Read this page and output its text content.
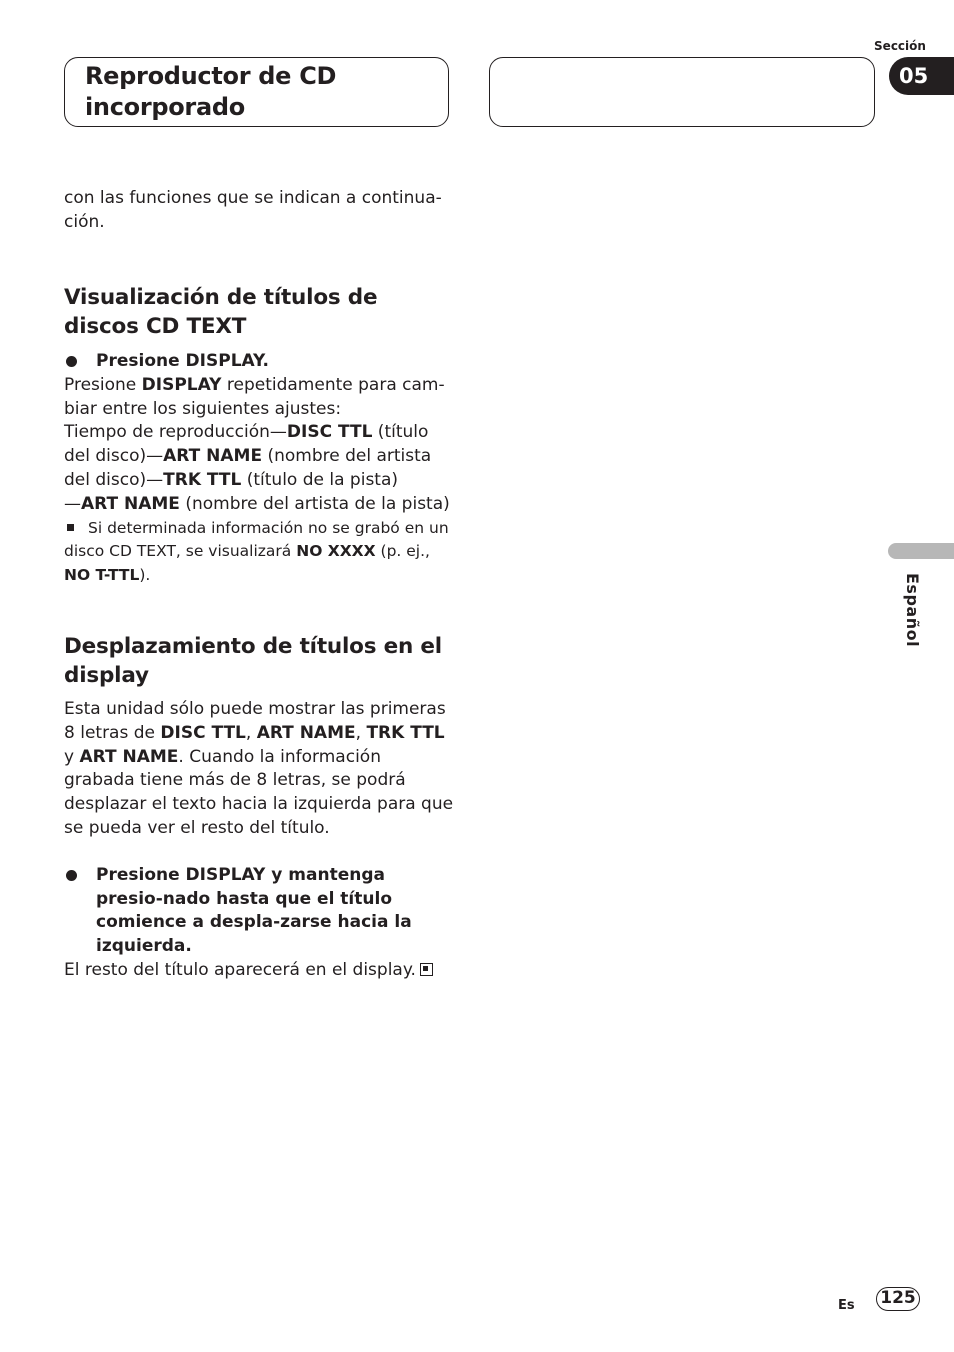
Reproductor de CD incorporado
Sección
05
Español

con las funciones que se indican a continua-ción.

Visualización de títulos de discos CD TEXT

Presione DISPLAY.

Presione DISPLAY repetidamente para cam-biar entre los siguientes ajustes:

Tiempo de reproducción—DISC TTL (título del disco)—ART NAME (nombre del artista del disco)—TRK TTL (título de la pista)
—ART NAME (nombre del artista de la pista)

Si determinada información no se grabó en un disco CD TEXT, se visualizará NO XXXX (p. ej., NO T-TTL).

Desplazamiento de títulos en el display

Esta unidad sólo puede mostrar las primeras 8 letras de DISC TTL, ART NAME, TRK TTL y ART NAME. Cuando la información grabada tiene más de 8 letras, se podrá desplazar el texto hacia la izquierda para que se pueda ver el resto del título.

Presione DISPLAY y mantenga presio-nado hasta que el título comience a despla-zarse hacia la izquierda.

El resto del título aparecerá en el display.

Es 125
